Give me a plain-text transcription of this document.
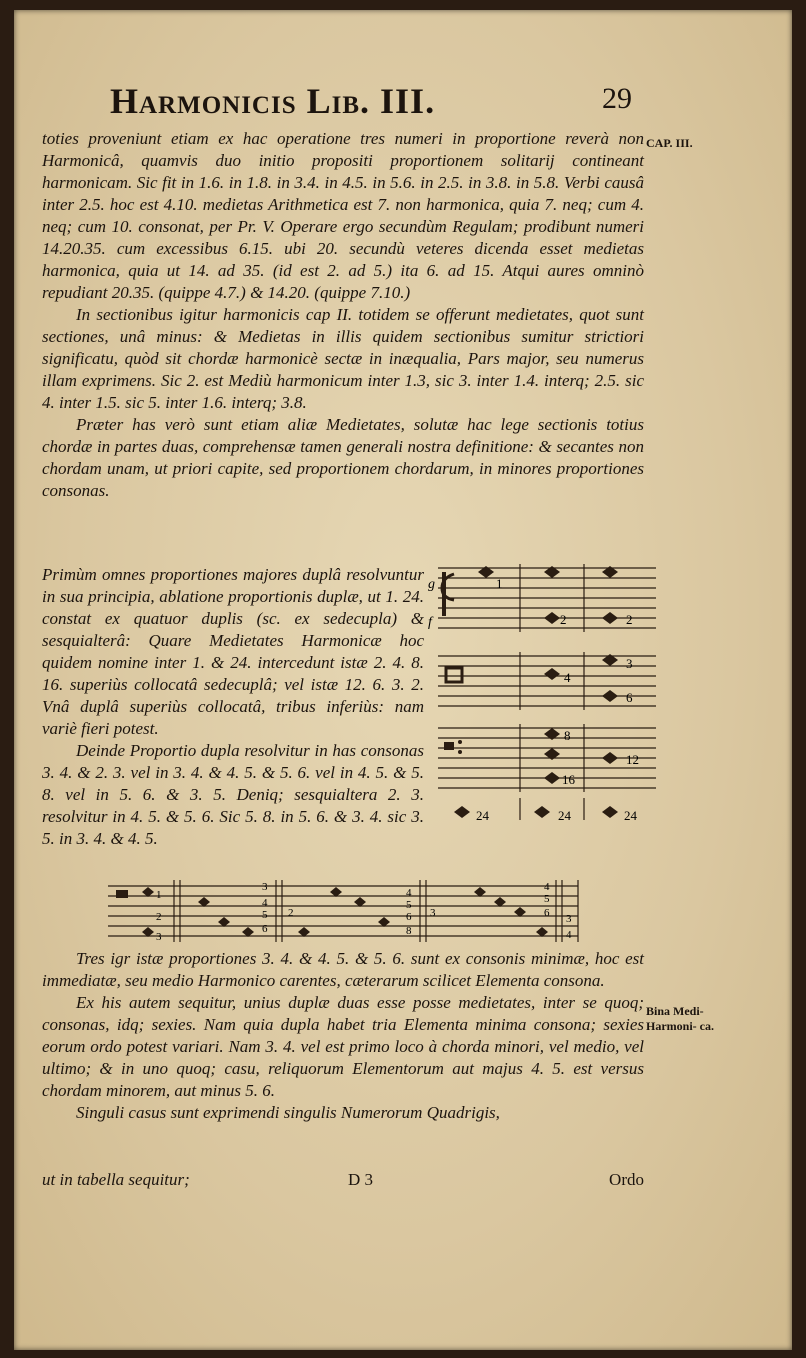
Harmonicis Lib. III.	29
CAP. III.

toties proveniunt etiam ex hac operatione tres numeri in proportione reverà non Harmonicâ, quamvis duo initio propositi proportionem solitarij contineant harmonicam. Sic fit in 1.6. in 1.8. in 3.4. in 4.5. in 5.6. in 2.5. in 3.8. in 5.8. Verbi causâ inter 2.5. hoc est 4.10. medietas Arithmetica est 7. non harmonica, quia 7. neq; cum 4. neq; cum 10. consonat, per Pr. V. Operare ergo secundùm Regulam; prodibunt numeri 14.20.35. cum excessibus 6.15. ubi 20. secundù veteres dicenda esset medietas harmonica, quia ut 14. ad 35. (id est 2. ad 5.) ita 6. ad 15. Atqui aures omninò repudiant 20.35. (quippe 4.7.) & 14.20. (quippe 7.10.)

In sectionibus igitur harmonicis cap II. totidem se offerunt medietates, quot sunt sectiones, unâ minus: & Medietas in illis quidem sectionibus sumitur strictiori significatu, quòd sit chordæ harmonicè sectæ in inæqualia, Pars major, seu numerus illam exprimens. Sic 2. est Mediù harmonicum inter 1.3, sic 3. inter 1.4. interq; 2.5. sic 4. inter 1.5. sic 5. inter 1.6. interq; 3.8.

Præter has verò sunt etiam aliæ Medietates, solutæ hac lege sectionis totius chordæ in partes duas, comprehensæ tamen generali nostra definitione: & secantes non chordam unam, ut priori capite, sed proportionem chordarum, in minores proportiones consonas.

Primùm omnes proportiones majores duplâ resolvuntur in sua principia, ablatione proportionis duplæ, ut 1. 24. constat ex quatuor duplis (sc. ex sedecupla) & sesquialterâ: Quare Medietates Harmonicæ hoc quidem nomine inter 1. & 24. intercedunt istæ 2. 4. 8. 16. superiùs collocatâ sedecuplâ; vel istæ 12. 6. 3. 2. Vnâ duplâ superiùs collocatâ, tribus inferiùs: nam variè fieri potest.

Deinde Proportio dupla resolvitur in has consonas 3. 4. & 2. 3. vel in 3. 4. & 4. 5. & 5. 6. vel in 4. 5. & 5. 8. vel in 5. 6. & 3. 5. Deniq; sesquialtera 2. 3. resolvitur in 4. 5. & 5. 6. Sic 5. 8. in 5. 6. & 3. 4. sic 3. 5. in 3. 4. & 4. 5.

g
f
1
2	2
3
4
6
8
12
16
24	24	24
1
2
3
3
4
5
6
2
4
5
6
8
3
4
5
6 3
4

Tres igr istæ proportiones 3. 4. & 4. 5. & 5. 6. sunt ex consonis minimæ, hoc est immediatæ, seu medio Harmonico carentes, cæterarum scilicet Elementa consona.

Ex his autem sequitur, unius duplæ duas esse posse medietates, inter se quoq; consonas, idq; sexies. Nam quia dupla habet tria Elementa minima consona; sexies eorum ordo potest variari. Nam 3. 4. vel est primo loco à chorda minori, vel medio, vel ultimo; & in uno quoq; casu, reliquorum Elementorum aut majus 4. 5. est versus chordam minorem, aut minus 5. 6.

Singuli casus sunt exprimendi singulis Numerorum Quadrigis,

Bina Medi- Harmoni- ca.
ut in tabella sequitur;	D 3	Ordo
